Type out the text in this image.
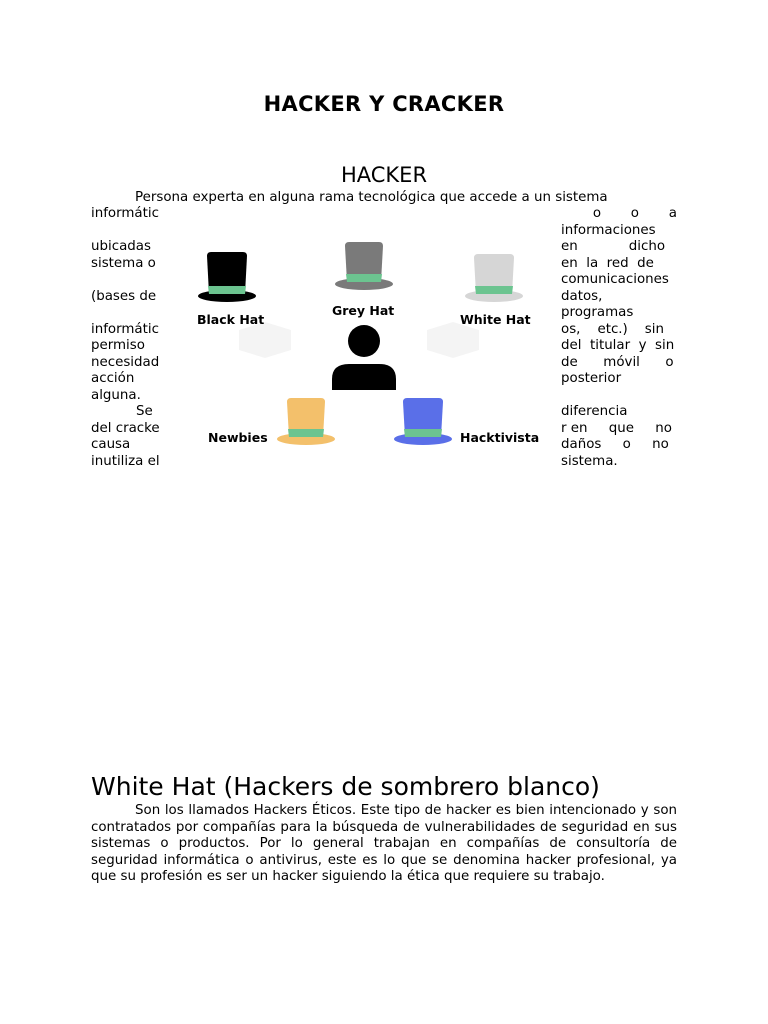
HACKER Y CRACKER
HACKER
Persona experta en alguna rama tecnológica que accede a un sistema
informátic
ubicadas
sistema o
(bases de
informátic
permiso
necesidad
acción
alguna.
Se
del cracke
causa
inutiliza el
o       o       a
informaciones
en            dicho
en  la  red  de
comunicaciones
datos,
programas
os,    etc.)    sin
del  titular  y  sin
de      móvil      o
posterior
diferencia
r en     que     no
daños     o     no
sistema.
Black Hat
Grey Hat
White Hat
Newbies	Hacktivista
White Hat (Hackers de sombrero blanco)
Son los llamados Hackers Éticos. Este tipo de hacker es bien intencionado y son contratados por compañías para la búsqueda de vulnerabilidades de seguridad en sus sistemas o productos. Por lo general trabajan en compañías de consultoría de seguridad informática o antivirus, este es lo que se denomina hacker profesional, ya que su profesión es ser un hacker siguiendo la ética que requiere su trabajo.
